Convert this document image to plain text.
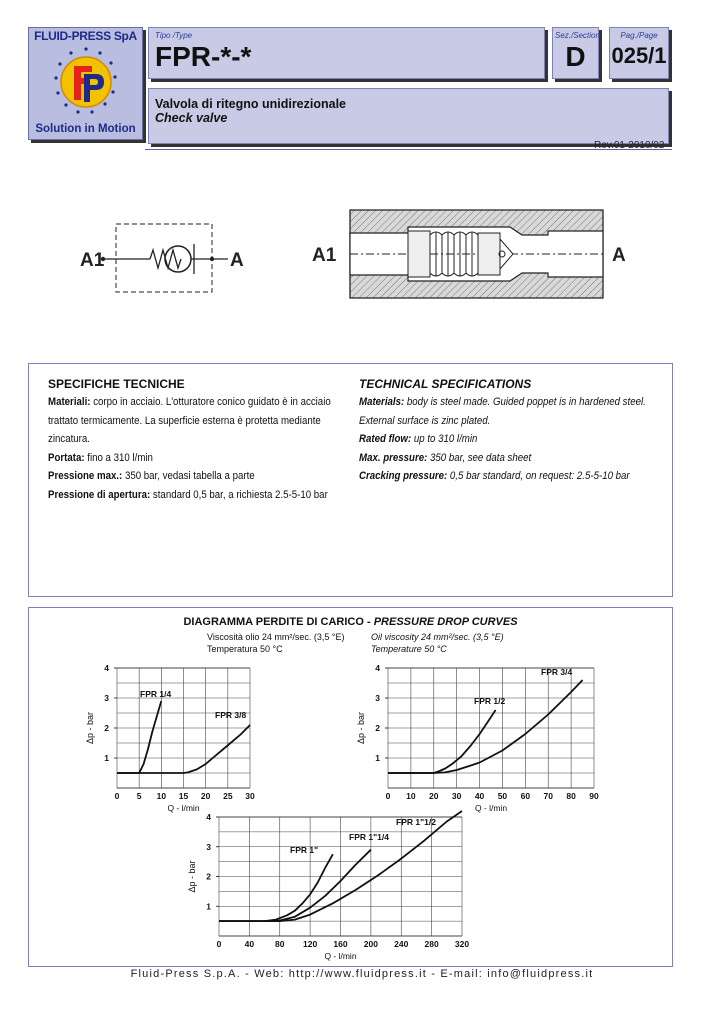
FLUID-PRESS SpA
Solution in Motion
Tipo /Type
FPR-*-*
Sez./Section
D
Pag./Page
025/1
Valvola di ritegno unidirezionale
Check valve
Rev.01-2010/02
A1	A	A1	A
SPECIFICHE TECNICHE
Materiali: corpo in acciaio. L'otturatore conico guidato è in acciaio trattato termicamente. La superficie esterna è protetta mediante zincatura.
Portata: fino a 310 l/min
Pressione max.: 350 bar, vedasi tabella a parte
Pressione di apertura: standard 0,5 bar, a richiesta 2.5-5-10 bar
TECHNICAL SPECIFICATIONS
Materials: body is steel made. Guided poppet is in hardened steel. External surface is zinc plated.
Rated flow: up to 310 l/min
Max. pressure: 350 bar, see data sheet
Cracking pressure: 0,5 bar standard, on request: 2.5-5-10 bar
DIAGRAMMA PERDITE DI CARICO - PRESSURE DROP CURVES
Viscosità olio 24 mm²/sec. (3,5 °E)
Temperatura 50 °C
Oil viscosity 24 mm²/sec. (3,5 °E)
Temperature 50 °C
0 5 10 15 20 25 30
1
2
3
4
Q - l/min
Δp - bar
FPR 1/4
FPR 3/8
0 10 20 30 40 50 60 70 80 90
1
2
3
4
Q - l/min
Δp - bar
FPR 1/2
FPR 3/4
0	40 80 120 160 200 240 280 320
1
2
3
4
Q - l/min
Δp - bar
FPR 1"
FPR 1"1/4
FPR 1"1/2
Fluid-Press S.p.A. - Web: http://www.fluidpress.it - E-mail: info@fluidpress.it
